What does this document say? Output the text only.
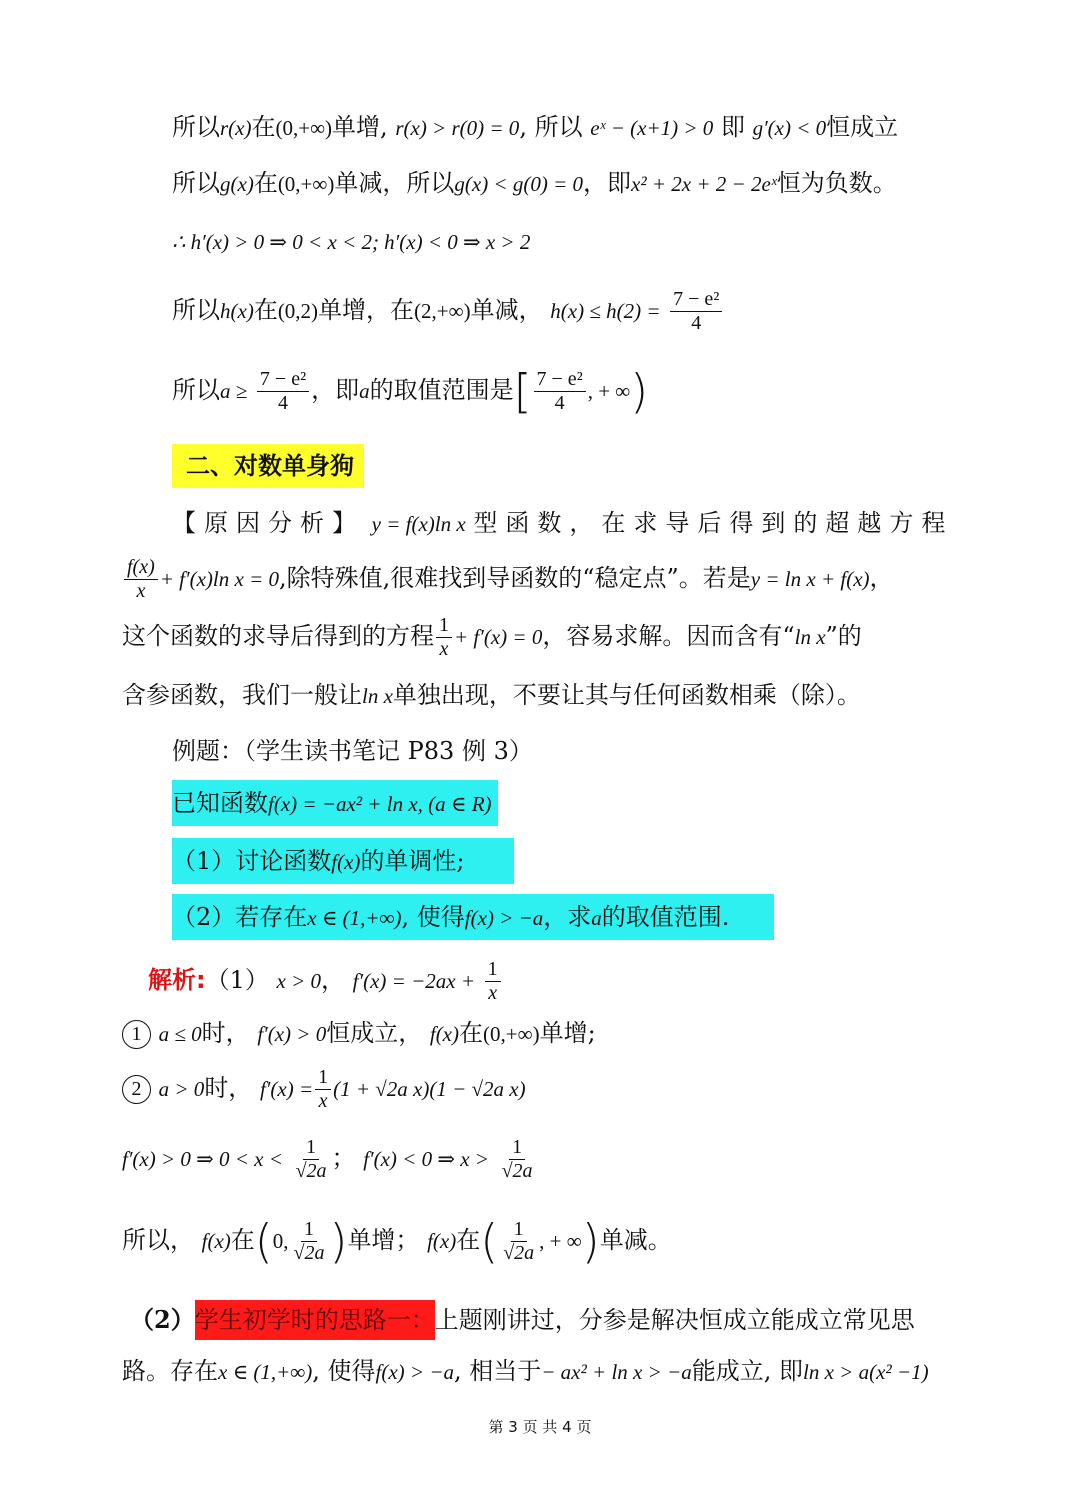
所以r(x)在(0,+∞)单增, r(x) > r(0) = 0, 所以 eˣ − (x+1) > 0 即 g′(x) < 0恒成立
所以g(x)在(0,+∞)单减，所以g(x) < g(0) = 0，即x² + 2x + 2 − 2eˣ恒为负数。
∴ h′(x) > 0 ⇒ 0 < x < 2; h′(x) < 0 ⇒ x > 2
所以h(x)在(0,2)单增，在(2,+∞)单减， $h(x) \le h(2) = \frac{\text{7 − e²}}{4}$
所以$a \ge \frac{\text{7 − e²}}{4}$ ，即a的取值范围是[ $\frac{\text{7 − e²}}{4}$ , + ∞)
二、对数单身狗
【原因分析】 y = f(x)ln x 型函数，在求导后得到的超越方程
$\frac{f(x)}{x} + f'(x)\ln$ x = 0,除特殊值,很难找到导函数的“稳定点”。若是y = ln x + f(x)，
这个函数的求导后得到的方程 $\frac{1}{x} + f'(x) = 0$，容易求解。因而含有“ln x”的
含参函数，我们一般让ln x单独出现，不要让其与任何函数相乘（除）。
例题：（学生读书笔记 P83 例 3）
已知函数f(x) = −ax² + ln x, (a ∈ R)
（1）讨论函数f(x)的单调性;
（2）若存在x ∈ (1,+∞), 使得f(x) > −a，求a的取值范围.
解析:（1） x > 0， $f'(x) = -2ax + \frac{1}{x}$
1 a ≤ 0时， f′(x) > 0恒成立， f(x)在(0,+∞)单增;
2 a > 0时， $f'(x) = \frac{1}{x} (1 + √2a$ x)(1 − √2a x)
f′(x) > 0 ⇒ $0 < x < \frac{1}{√2a}$ ； f′(x) < 0 ⇒ $x > \frac{1}{√2a}$
所以， f(x)在(0, $\frac{1}{√2a}$ )单增； f(x)在( $\frac{1}{√2a}$ , + ∞)单减。
（2）学生初学时的思路一：上题刚讲过，分参是解决恒成立能成立常见思
路。存在x ∈ (1,+∞), 使得f(x) > −a, 相当于− ax² + ln x > −a能成立, 即ln x > a(x² −1)
第 3 页 共 4 页
